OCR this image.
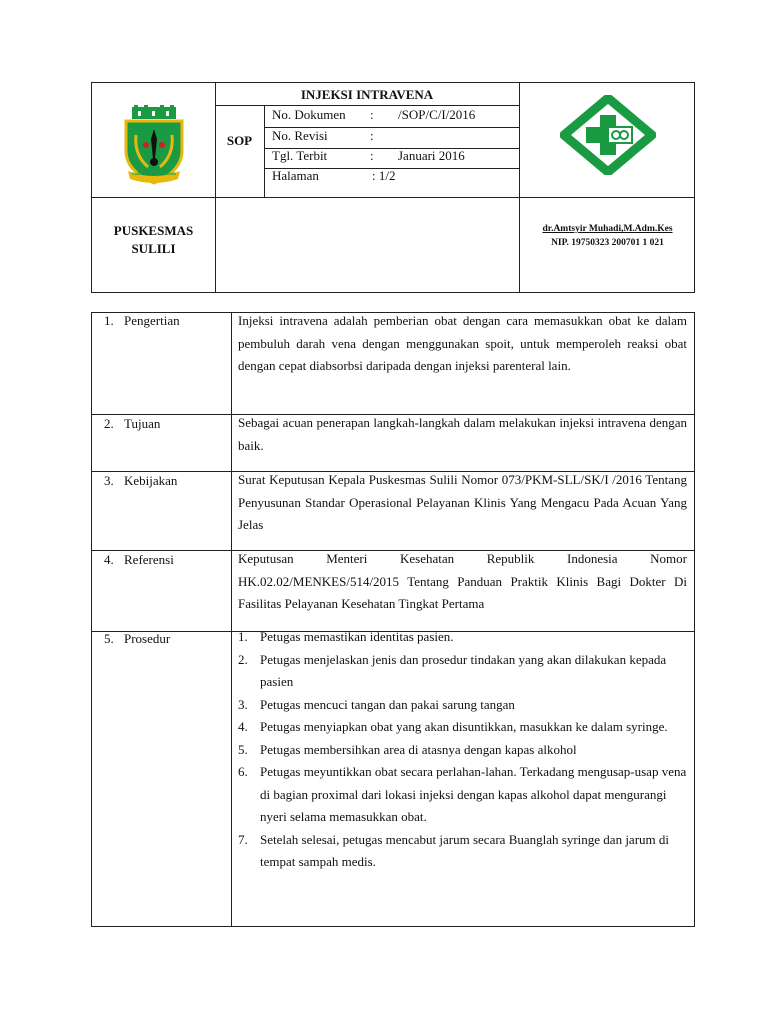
KABUPATEN PINRANG
PUSKESMAS
SULILI
INJEKSI INTRAVENA
SOP
No. Dokumen : /SOP/C/I/2016
No. Revisi	:
Tgl. Terbit	: Januari 2016
Halaman	: 1/2
dr.Amtsyir Muhadi,M.Adm.Kes
NIP. 19750323 200701 1 021
1. Pengertian	Injeksi intravena adalah pemberian obat dengan cara memasukkan obat ke dalam pembuluh darah vena dengan menggunakan spoit, untuk memperoleh reaksi obat dengan cepat diabsorbsi daripada dengan injeksi parenteral lain.
2. Tujuan	Sebagai acuan penerapan langkah-langkah dalam melakukan injeksi intravena dengan baik.
3. Kebijakan	Surat Keputusan Kepala Puskesmas Sulili Nomor 073/PKM-SLL/SK/I /2016 Tentang Penyusunan Standar Operasional Pelayanan Klinis Yang Mengacu Pada Acuan Yang Jelas
4. Referensi	Keputusan Menteri Kesehatan Republik Indonesia Nomor HK.02.02/MENKES/514/2015 Tentang Panduan Praktik Klinis Bagi Dokter Di Fasilitas Pelayanan Kesehatan Tingkat Pertama
5. Prosedur	1. Petugas memastikan identitas pasien.
2. Petugas menjelaskan jenis dan prosedur tindakan yang akan dilakukan kepada pasien
3. Petugas mencuci tangan dan pakai sarung tangan
4. Petugas menyiapkan obat yang akan disuntikkan, masukkan ke dalam syringe.
5. Petugas membersihkan area di atasnya dengan kapas alkohol
6. Petugas meyuntikkan obat secara perlahan-lahan. Terkadang mengusap-usap vena di bagian proximal dari lokasi injeksi dengan kapas alkohol dapat mengurangi nyeri selama memasukkan obat.
7. Setelah selesai, petugas mencabut jarum secara Buanglah syringe dan jarum di tempat sampah medis.
